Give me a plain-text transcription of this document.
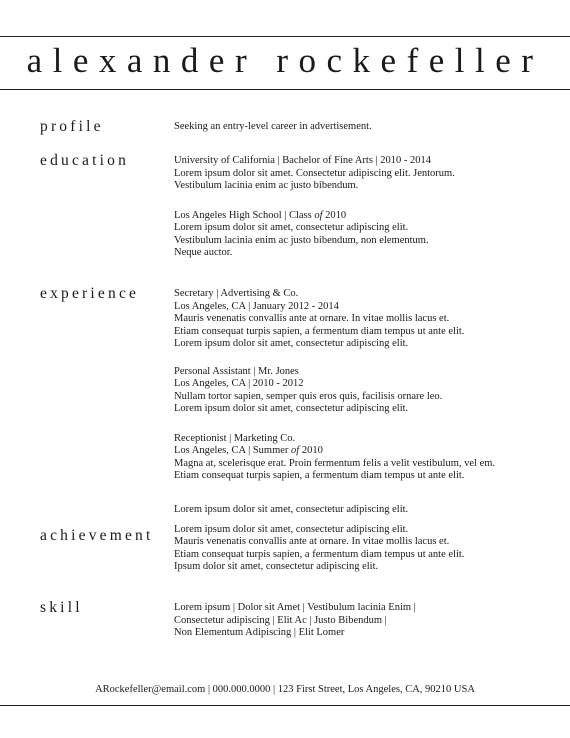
alexander rockefeller
profile	Seeking an entry-level career in advertisement.
education	University of California | Bachelor of Fine Arts | 2010 - 2014
Lorem ipsum dolor sit amet. Consectetur adipiscing elit. Jentorum.
Vestibulum lacinia enim ac justo bibendum.
Los Angeles High School | Class of 2010
Lorem ipsum dolor sit amet, consectetur adipiscing elit.
Vestibulum lacinia enim ac justo bibendum, non elementum.
Neque auctor.
experience	Secretary | Advertising & Co.
Los Angeles, CA | January 2012 - 2014
Mauris venenatis convallis ante at ornare. In vitae mollis lacus et.
Etiam consequat turpis sapien, a fermentum diam tempus ut ante elit.
Lorem ipsum dolor sit amet, consectetur adipiscing elit.
Personal Assistant | Mr. Jones
Los Angeles, CA | 2010 - 2012
Nullam tortor sapien, semper quis eros quis, facilisis ornare leo.
Lorem ipsum dolor sit amet, consectetur adipiscing elit.
Receptionist | Marketing Co.
Los Angeles, CA | Summer of 2010
Magna at, scelerisque erat. Proin fermentum felis a velit vestibulum, vel em.
Etiam consequat turpis sapien, a fermentum diam tempus ut ante elit.
achievement
Lorem ipsum dolor sit amet, consectetur adipiscing elit.
Lorem ipsum dolor sit amet, consectetur adipiscing elit.
Mauris venenatis convallis ante at ornare. In vitae mollis lacus et.
Etiam consequat turpis sapien, a fermentum diam tempus ut ante elit.
Ipsum dolor sit amet, consectetur adipiscing elit.
skill	Lorem ipsum | Dolor sit Amet | Vestibulum lacinia Enim |
Consectetur adipiscing | Elit Ac | Justo Bibendum |
Non Elementum Adipiscing | Elit Lomer
ARockefeller@email.com | 000.000.0000 | 123 First Street, Los Angeles, CA, 90210 USA
